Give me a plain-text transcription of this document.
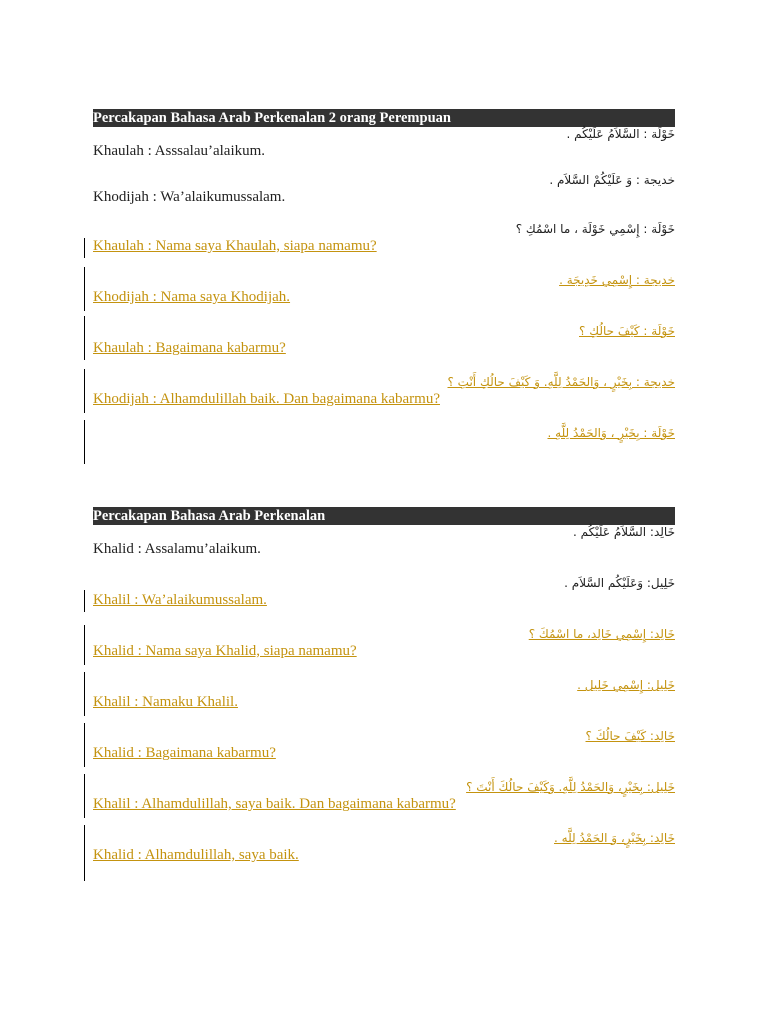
Percakapan Bahasa Arab Perkenalan 2 orang Perempuan
خَوْلَة : السَّلاَمُ عَلَيْكُم .
Khaulah : Asssalau’alaikum.
خديجة : وَ عَلَيْكُمْ السَّلاَم .
Khodijah : Wa’alaikumussalam.
خَوْلَة : إِسْمِي خَوْلَة ، ما اسْمُكِ ؟
Khaulah : Nama saya Khaulah, siapa namamu?
خديجة : إِسْمِي خَدِيجَة .
Khodijah : Nama saya Khodijah.
خَوْلَة : كَيْفَ حالُكِ ؟
Khaulah : Bagaimana kabarmu?
خديجة : بِخَيْرٍ ، وَالحَمْدُ لِلَّهِ. وَ كَيْفَ حالُكِ أَنْتِ ؟
Khodijah : Alhamdulillah baik. Dan bagaimana kabarmu?
خَوْلَة : بِخَيْرٍ ، وَالحَمْدُ لِلَّهِ .
Percakapan Bahasa Arab Perkenalan
خَالِد: السَّلاَمُ عَلَيْكُم .
Khalid : Assalamu’alaikum.
خَلِيل: وَعَلَيْكُم السَّلاَم .
Khalil : Wa’alaikumussalam.
خَالِد: إِسْمِي خَالِد، ما اسْمُكَ ؟
Khalid : Nama saya Khalid, siapa namamu?
خَلِيل: إِسْمِي خَلِيل .
Khalil : Namaku Khalil.
خَالِد: كَيْفَ حالُكَ ؟
Khalid : Bagaimana kabarmu?
خَلِيل: بِخَيْرٍ، وَالحَمْدُ لِلَّهِ. وَكَيْفَ حالُكَ أَنْتَ ؟
Khalil : Alhamdulillah, saya baik. Dan bagaimana kabarmu?
خَالِد: بِخَيْرٍ، وَ الحَمْدُ لِلَّه .
Khalid : Alhamdulillah, saya baik.
